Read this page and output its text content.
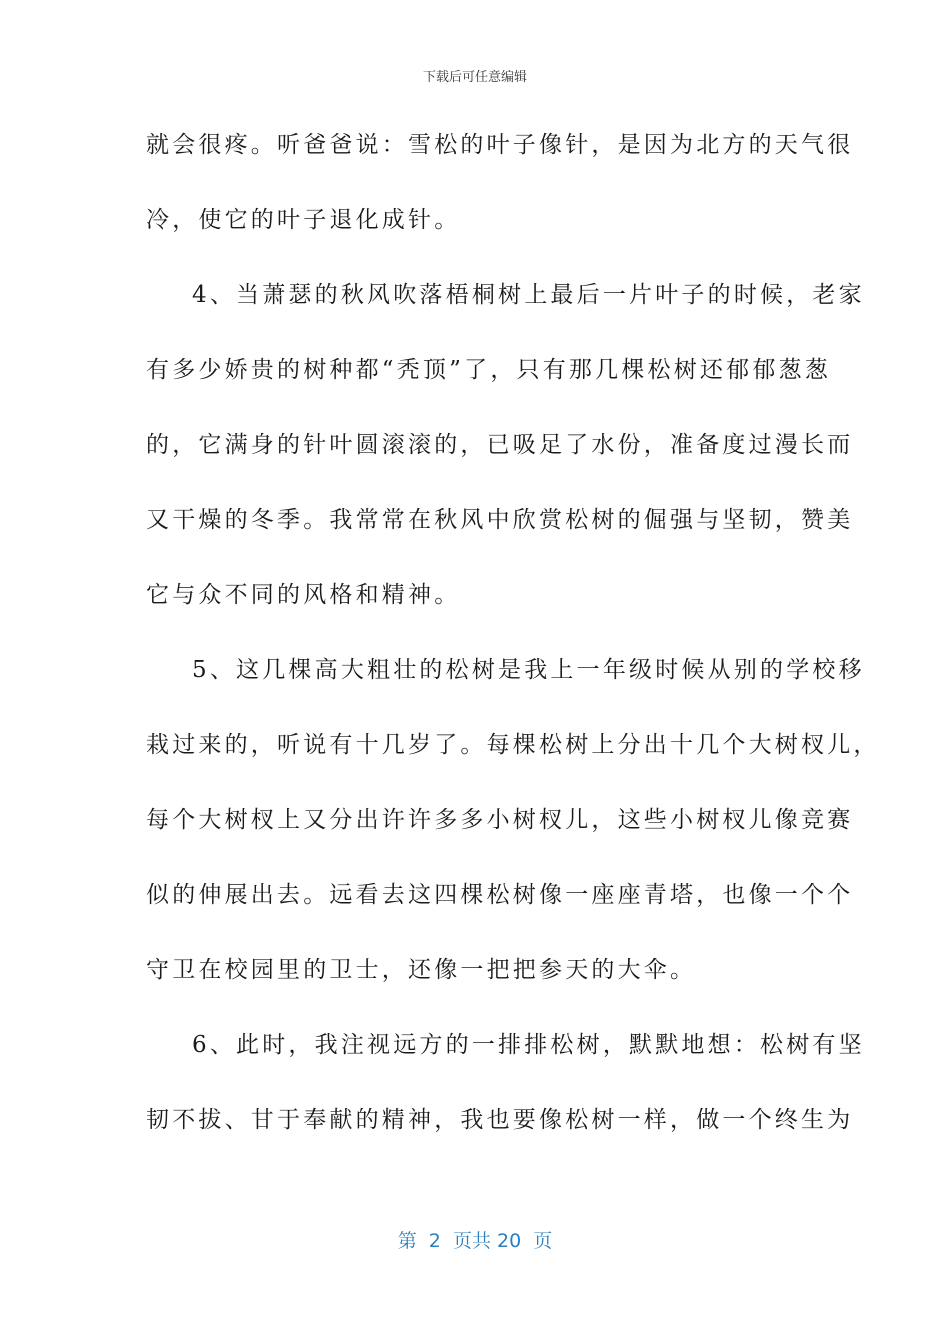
下载后可任意编辑
就会很疼。听爸爸说：雪松的叶子像针，是因为北方的天气很
冷，使它的叶子退化成针。
4、当萧瑟的秋风吹落梧桐树上最后一片叶子的时候，老家
有多少娇贵的树种都“秃顶”了，只有那几棵松树还郁郁葱葱
的，它满身的针叶圆滚滚的，已吸足了水份，准备度过漫长而
又干燥的冬季。我常常在秋风中欣赏松树的倔强与坚韧，赞美
它与众不同的风格和精神。
5、这几棵高大粗壮的松树是我上一年级时候从别的学校移
栽过来的，听说有十几岁了。每棵松树上分出十几个大树杈儿，
每个大树杈上又分出许许多多小树杈儿，这些小树杈儿像竞赛
似的伸展出去。远看去这四棵松树像一座座青塔，也像一个个
守卫在校园里的卫士，还像一把把参天的大伞。
6、此时，我注视远方的一排排松树，默默地想：松树有坚
韧不拔、甘于奉献的精神，我也要像松树一样，做一个终生为
第  2  页共 20  页
